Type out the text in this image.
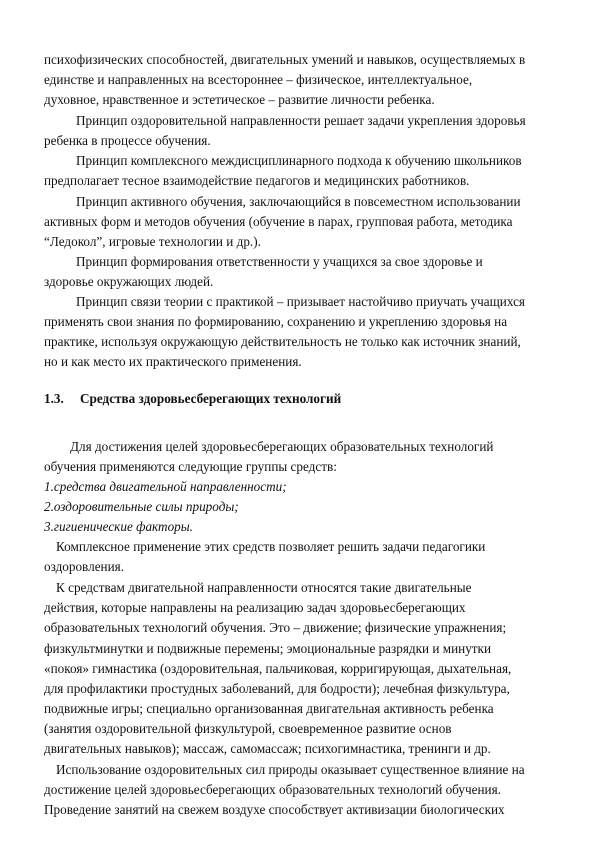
психофизических способностей, двигательных умений и навыков, осуществляемых в
единстве и направленных на всестороннее – физическое, интеллектуальное,
духовное, нравственное и эстетическое – развитие личности ребенка.
Принцип оздоровительной направленности решает задачи укрепления здоровья
ребенка в процессе обучения.
Принцип комплексного междисциплинарного подхода к обучению школьников
предполагает тесное взаимодействие педагогов и медицинских работников.
Принцип активного обучения, заключающийся в повсеместном использовании
активных форм и методов обучения (обучение в парах, групповая работа, методика
“Ледокол”, игровые технологии и др.).
Принцип формирования ответственности у учащихся за свое здоровье и
здоровье окружающих людей.
Принцип связи теории с практикой – призывает настойчиво приучать учащихся
применять свои знания по формированию, сохранению и укреплению здоровья на
практике, используя окружающую действительность не только как источник знаний,
но и как место их практического применения.
1.3. Средства здоровьесберегающих технологий
Для достижения целей здоровьесберегающих образовательных технологий
обучения применяются следующие группы средств:
1.средства двигательной направленности;
2.оздоровительные силы природы;
3.гигиенические факторы.
Комплексное применение этих средств позволяет решить задачи педагогики
оздоровления.
К средствам двигательной направленности относятся такие двигательные
действия, которые направлены на реализацию задач здоровьесберегающих
образовательных технологий обучения. Это – движение; физические упражнения;
физкультминутки и подвижные перемены; эмоциональные разрядки и минутки
«покоя» гимнастика (оздоровительная, пальчиковая, корригирующая, дыхательная,
для профилактики простудных заболеваний, для бодрости); лечебная физкультура,
подвижные игры; специально организованная двигательная активность ребенка
(занятия оздоровительной физкультурой, своевременное развитие основ
двигательных навыков); массаж, самомассаж; психогимнастика, тренинги и др.
Использование оздоровительных сил природы оказывает существенное влияние на
достижение целей здоровьесберегающих образовательных технологий обучения.
Проведение занятий на свежем воздухе способствует активизации биологических
